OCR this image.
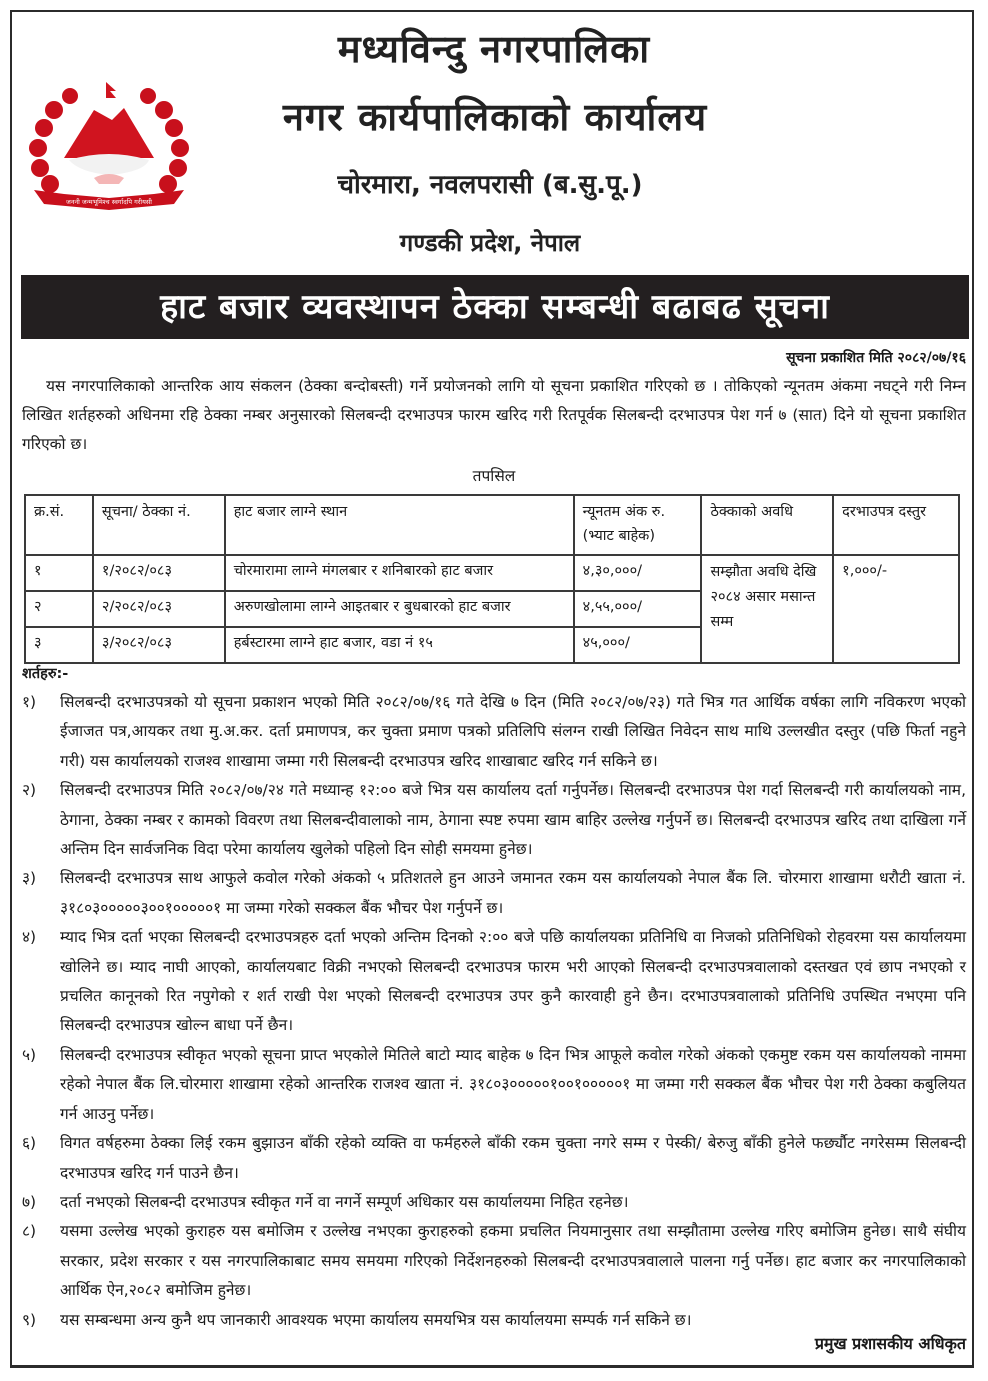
जननी जन्मभूमिश्च स्वर्गादपि गरीयसी
मध्यविन्दु नगरपालिका
नगर कार्यपालिकाको कार्यालय
चोरमारा, नवलपरासी (ब.सु.पू.)
गण्डकी प्रदेश, नेपाल
हाट बजार व्यवस्थापन ठेक्का सम्बन्धी बढाबढ सूचना
सूचना प्रकाशित मिति २०८२/०७/१६
यस नगरपालिकाको आन्तरिक आय संकलन (ठेक्का बन्दोबस्ती) गर्ने प्रयोजनको लागि यो सूचना प्रकाशित गरिएको छ । तोकिएको न्यूनतम अंकमा नघट्ने गरी निम्न लिखित शर्तहरुको अधिनमा रहि ठेक्का नम्बर अनुसारको सिलबन्दी दरभाउपत्र फारम खरिद गरी रितपूर्वक सिलबन्दी दरभाउपत्र पेश गर्न ७ (सात) दिने यो सूचना प्रकाशित गरिएको छ।
तपसिल
क्र.सं.	सूचना/ ठेक्का नं.	हाट बजार लाग्ने स्थान	न्यूनतम अंक रु. (भ्याट बाहेक)	ठेक्काको अवधि	दरभाउपत्र दस्तुर
१	१/२०८२/०८३	चोरमारामा लाग्ने मंगलबार र शनिबारको हाट बजार	४,३०,०००/	सम्झौता अवधि देखि २०८४ असार मसान्त सम्म	१,०००/-
२	२/२०८२/०८३	अरुणखोलामा लाग्ने आइतबार र बुधबारको हाट बजार	४,५५,०००/		
३	३/२०८२/०८३	हर्बस्टारमा लाग्ने हाट बजार, वडा नं १५	४५,०००/		
शर्तहरु:-
१)	सिलबन्दी दरभाउपत्रको यो सूचना प्रकाशन भएको मिति २०८२/०७/१६ गते देखि ७ दिन (मिति २०८२/०७/२३) गते भित्र गत आर्थिक वर्षका लागि नविकरण भएको ईजाजत पत्र,आयकर तथा मु.अ.कर. दर्ता प्रमाणपत्र, कर चुक्ता प्रमाण पत्रको प्रतिलिपि संलग्न राखी लिखित निवेदन साथ माथि उल्लखीत दस्तुर (पछि फिर्ता नहुने गरी) यस कार्यालयको राजश्व शाखामा जम्मा गरी सिलबन्दी दरभाउपत्र खरिद शाखाबाट खरिद गर्न सकिने छ।
२)	सिलबन्दी दरभाउपत्र मिति २०८२/०७/२४ गते मध्यान्ह १२:०० बजे भित्र यस कार्यालय दर्ता गर्नुपर्नेछ। सिलबन्दी दरभाउपत्र पेश गर्दा सिलबन्दी गरी कार्यालयको नाम, ठेगाना, ठेक्का नम्बर र कामको विवरण तथा सिलबन्दीवालाको नाम, ठेगाना स्पष्ट रुपमा खाम बाहिर उल्लेख गर्नुपर्ने छ। सिलबन्दी दरभाउपत्र खरिद तथा दाखिला गर्ने अन्तिम दिन सार्वजनिक विदा परेमा कार्यालय खुलेको पहिलो दिन सोही समयमा हुनेछ।
३)	सिलबन्दी दरभाउपत्र साथ आफुले कवोल गरेको अंकको ५ प्रतिशतले हुन आउने जमानत रकम यस कार्यालयको नेपाल बैंक लि. चोरमारा शाखामा धरौटी खाता नं. ३१८०३०००००३००१०००००१ मा जम्मा गरेको सक्कल बैंक भौचर पेश गर्नुपर्ने छ।
४)	म्याद भित्र दर्ता भएका सिलबन्दी दरभाउपत्रहरु दर्ता भएको अन्तिम दिनको २:०० बजे पछि कार्यालयका प्रतिनिधि वा निजको प्रतिनिधिको रोहवरमा यस कार्यालयमा खोलिने छ। म्याद नाघी आएको, कार्यालयबाट विक्री नभएको सिलबन्दी दरभाउपत्र फारम भरी आएको सिलबन्दी दरभाउपत्रवालाको दस्तखत एवं छाप नभएको र प्रचलित कानूनको रित नपुगेको र शर्त राखी पेश भएको सिलबन्दी दरभाउपत्र उपर कुनै कारवाही हुने छैन। दरभाउपत्रवालाको प्रतिनिधि उपस्थित नभएमा पनि सिलबन्दी दरभाउपत्र खोल्न बाधा पर्ने छैन।
५)	सिलबन्दी दरभाउपत्र स्वीकृत भएको सूचना प्राप्त भएकोले मितिले बाटो म्याद बाहेक ७ दिन भित्र आफूले कवोल गरेको अंकको एकमुष्ट रकम यस कार्यालयको नाममा रहेको नेपाल बैंक लि.चोरमारा शाखामा रहेको आन्तरिक राजश्व खाता नं. ३१८०३०००००१००१०००००१ मा जम्मा गरी सक्कल बैंक भौचर पेश गरी ठेक्का कबुलियत गर्न आउनु पर्नेछ।
६)	विगत वर्षहरुमा ठेक्का लिई रकम बुझाउन बाँकी रहेको व्यक्ति वा फर्महरुले बाँकी रकम चुक्ता नगरे सम्म र पेस्की/ बेरुजु बाँकी हुनेले फर्छ्यौट नगरेसम्म सिलबन्दी दरभाउपत्र खरिद गर्न पाउने छैन।
७)	दर्ता नभएको सिलबन्दी दरभाउपत्र स्वीकृत गर्ने वा नगर्ने सम्पूर्ण अधिकार यस कार्यालयमा निहित रहनेछ।
८)	यसमा उल्लेख भएको कुराहरु यस बमोजिम र उल्लेख नभएका कुराहरुको हकमा प्रचलित नियमानुसार तथा सम्झौतामा उल्लेख गरिए बमोजिम हुनेछ। साथै संघीय सरकार, प्रदेश सरकार र यस नगरपालिकाबाट समय समयमा गरिएको निर्देशनहरुको सिलबन्दी दरभाउपत्रवालाले पालना गर्नु पर्नेछ। हाट बजार कर नगरपालिकाको आर्थिक ऐन,२०८२ बमोजिम हुनेछ।
९)	यस सम्बन्धमा अन्य कुनै थप जानकारी आवश्यक भएमा कार्यालय समयभित्र यस कार्यालयमा सम्पर्क गर्न सकिने छ।
प्रमुख प्रशासकीय अधिकृत
